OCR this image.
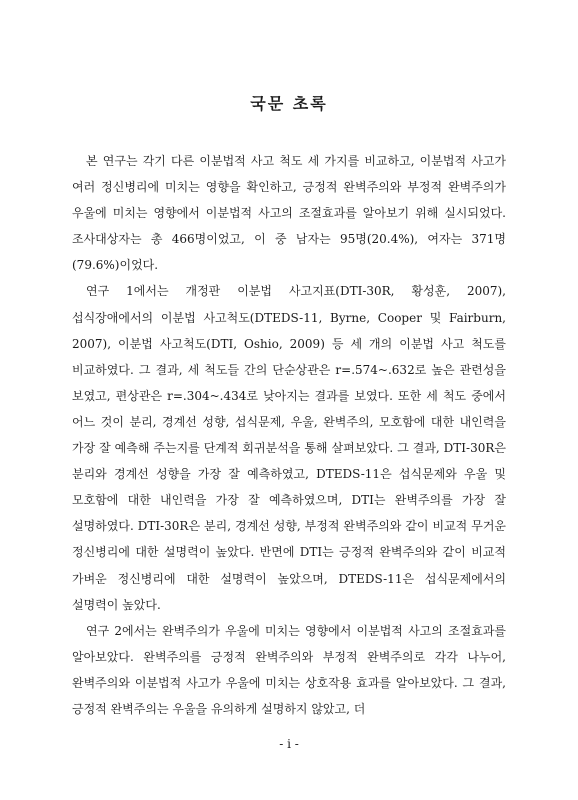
국문 초록

본 연구는 각기 다른 이분법적 사고 척도 세 가지를 비교하고, 이분법적 사고가 여러 정신병리에 미치는 영향을 확인하고, 긍정적 완벽주의와 부정적 완벽주의가 우울에 미치는 영향에서 이분법적 사고의 조절효과를 알아보기 위해 실시되었다. 조사대상자는 총 466명이었고, 이 중 남자는 95명(20.4%), 여자는 371명(79.6%)이었다.

연구 1에서는 개정판 이분법 사고지표(DTI-30R, 황성훈, 2007), 섭식장애에서의 이분법 사고척도(DTEDS-11, Byrne, Cooper 및 Fairburn, 2007), 이분법 사고척도(DTI, Oshio, 2009) 등 세 개의 이분법 사고 척도를 비교하였다. 그 결과, 세 척도들 간의 단순상관은 r=.574~.632로 높은 관련성을 보였고, 편상관은 r=.304~.434로 낮아지는 결과를 보였다. 또한 세 척도 중에서 어느 것이 분리, 경계선 성향, 섭식문제, 우울, 완벽주의, 모호함에 대한 내인력을 가장 잘 예측해 주는지를 단계적 회귀분석을 통해 살펴보았다. 그 결과, DTI-30R은 분리와 경계선 성향을 가장 잘 예측하였고, DTEDS-11은 섭식문제와 우울 및 모호함에 대한 내인력을 가장 잘 예측하였으며, DTI는 완벽주의를 가장 잘 설명하였다. DTI-30R은 분리, 경계선 성향, 부정적 완벽주의와 같이 비교적 무거운 정신병리에 대한 설명력이 높았다. 반면에 DTI는 긍정적 완벽주의와 같이 비교적 가벼운 정신병리에 대한 설명력이 높았으며, DTEDS-11은 섭식문제에서의 설명력이 높았다.

연구 2에서는 완벽주의가 우울에 미치는 영향에서 이분법적 사고의 조절효과를 알아보았다. 완벽주의를 긍정적 완벽주의와 부정적 완벽주의로 각각 나누어, 완벽주의와 이분법적 사고가 우울에 미치는 상호작용 효과를 알아보았다. 그 결과, 긍정적 완벽주의는 우울을 유의하게 설명하지 않았고, 더

- i -
